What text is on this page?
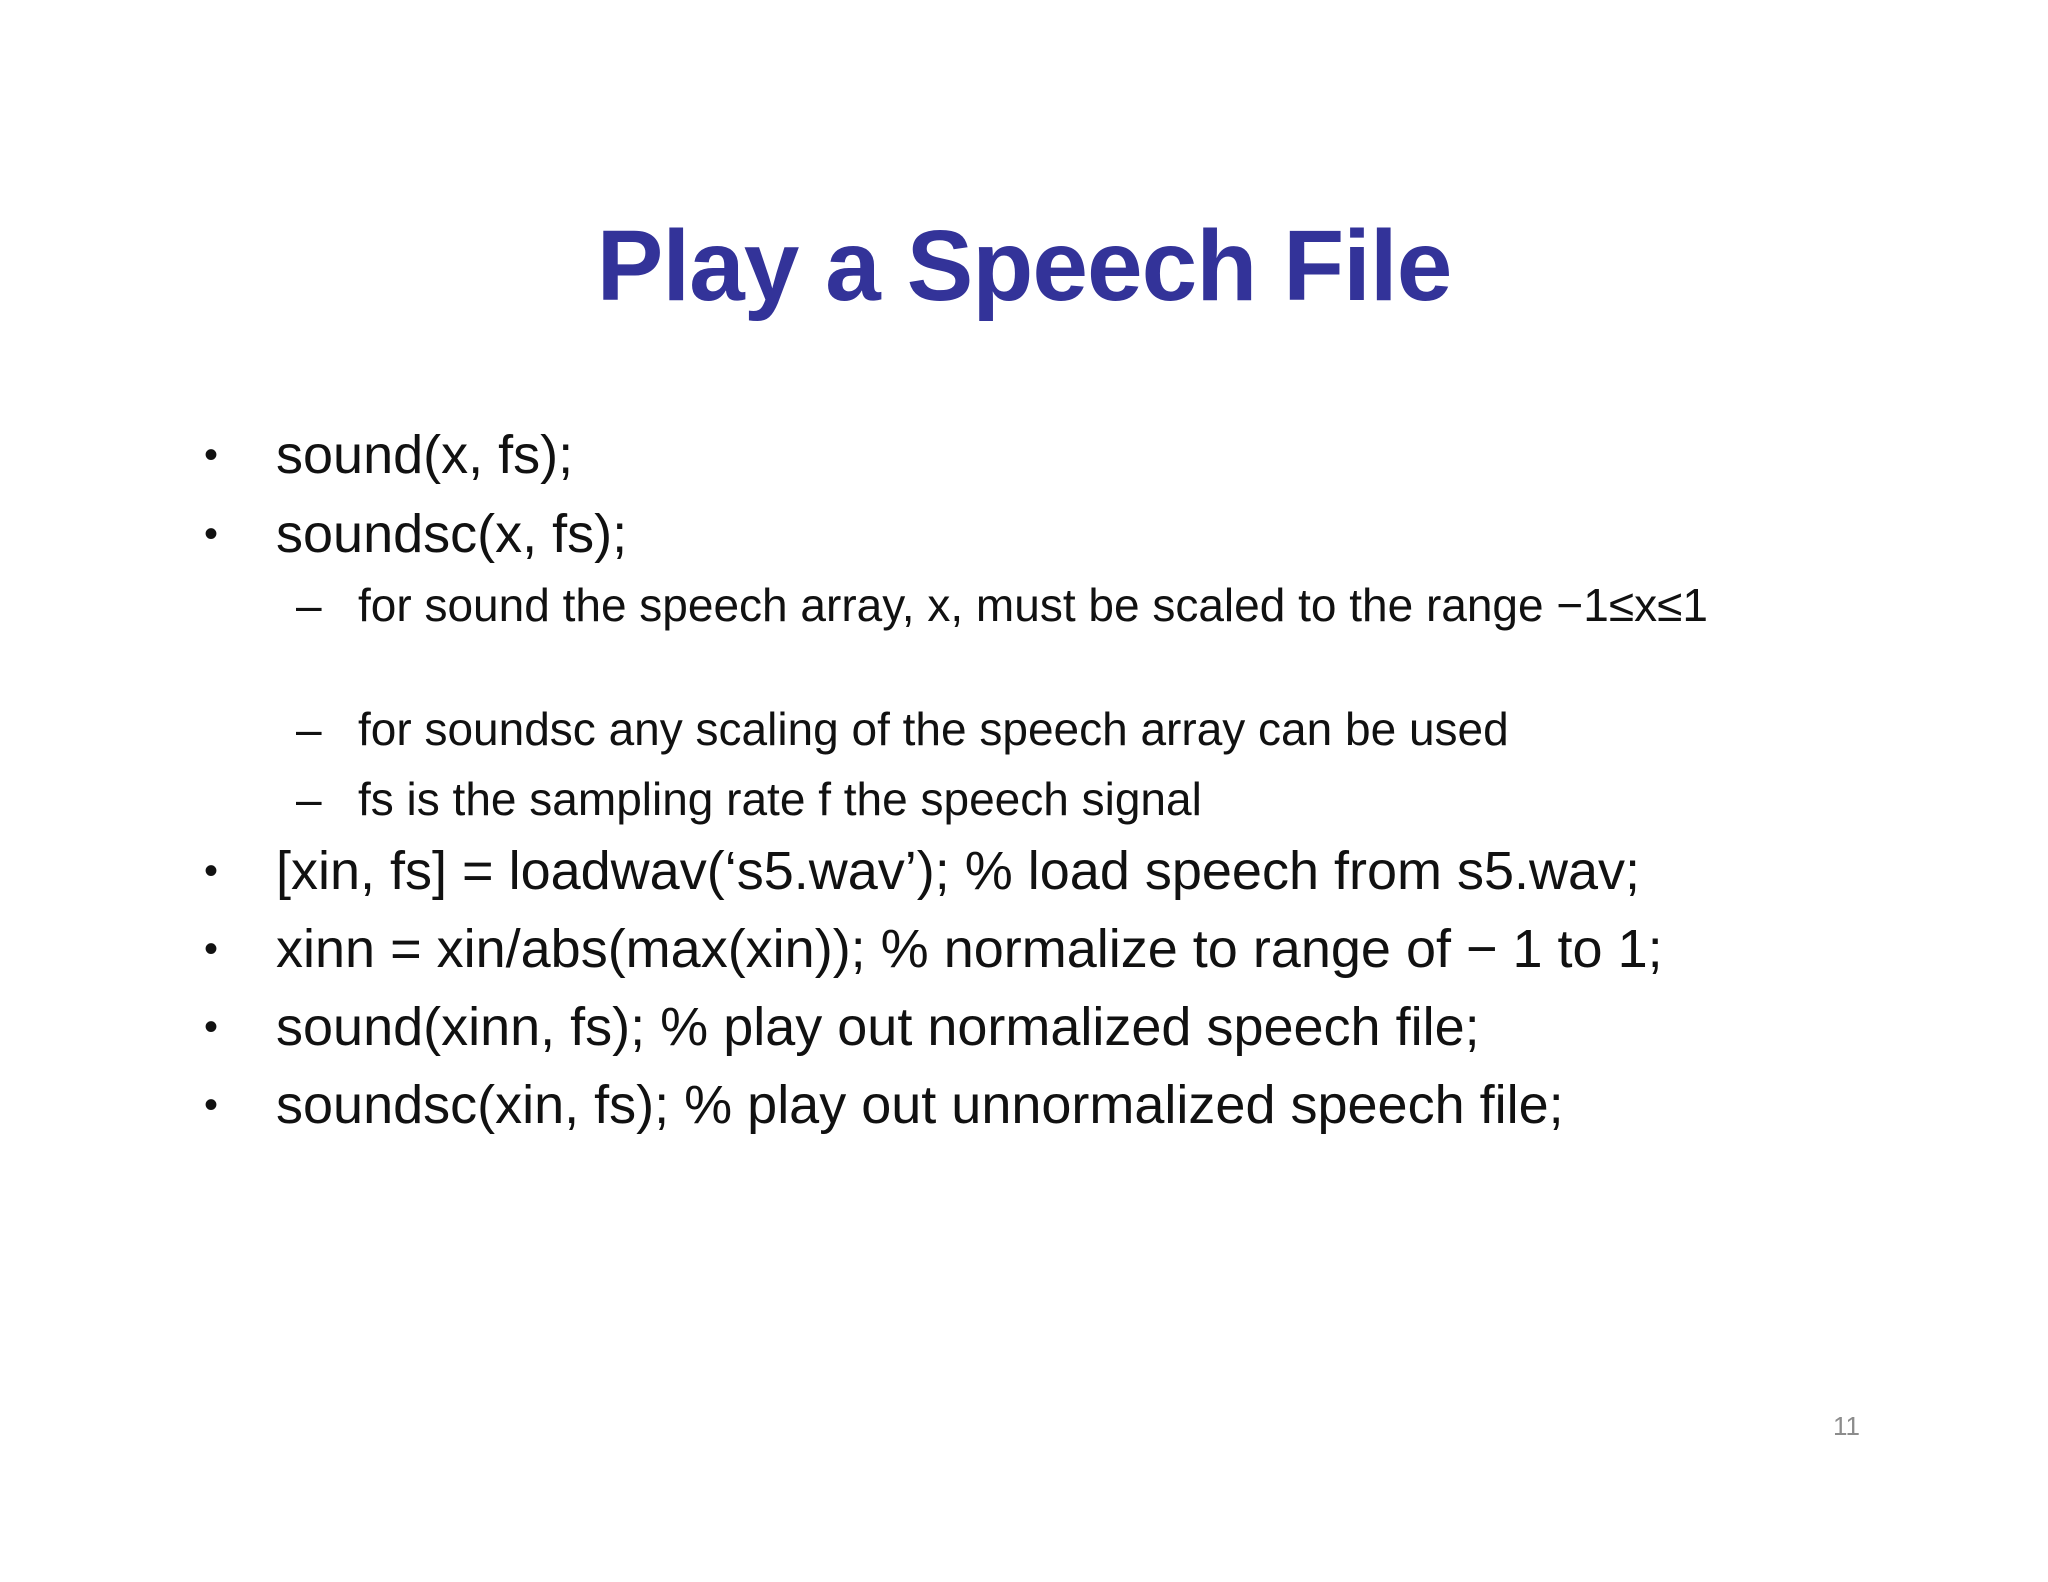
Play a Speech File
• sound(x, fs);
• soundsc(x, fs);
– for sound the speech array, x, must be scaled to the range −1≤x≤1
– for soundsc any scaling of the speech array can be used
– fs is the sampling rate f the speech signal
• [xin, fs] = loadwav(‘s5.wav’); % load speech from s5.wav;
• xinn = xin/abs(max(xin)); % normalize to range of − 1 to 1;
• sound(xinn, fs); % play out normalized speech file;
• soundsc(xin, fs); % play out unnormalized speech file;
11
